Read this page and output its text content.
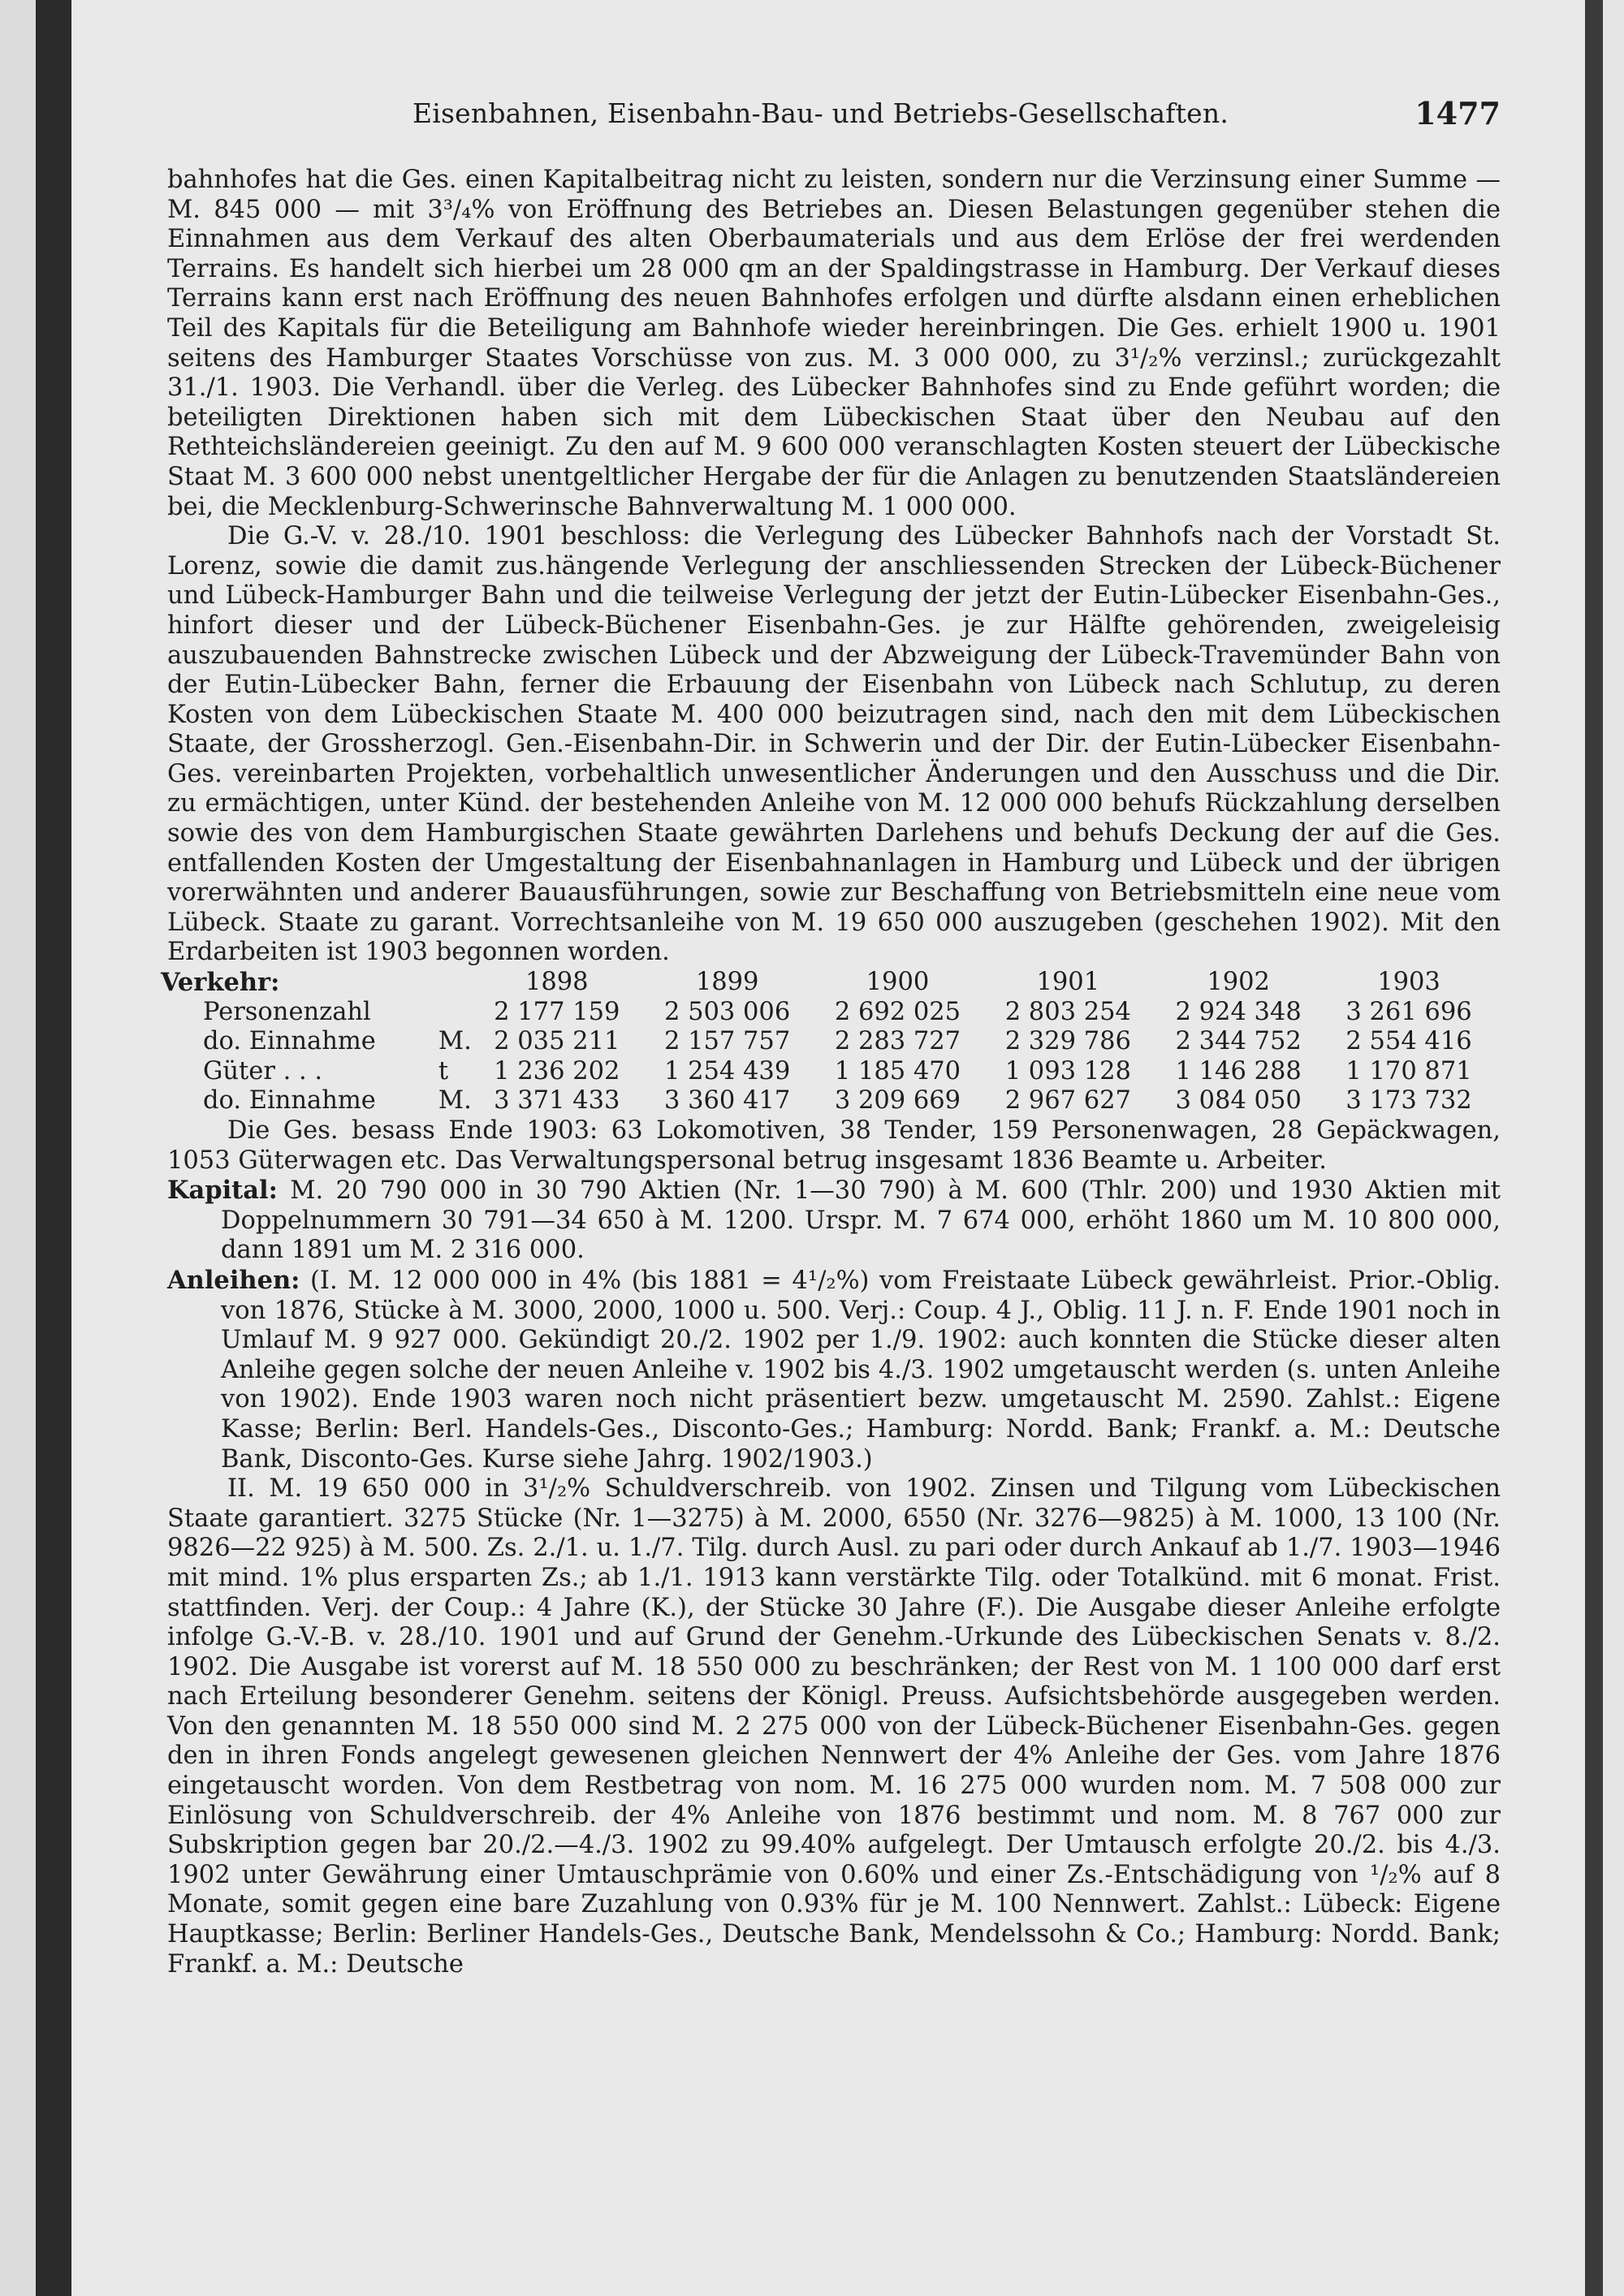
Eisenbahnen, Eisenbahn-Bau- und Betriebs-Gesellschaften.	1477

bahnhofes hat die Ges. einen Kapitalbeitrag nicht zu leisten, sondern nur die Verzinsung einer Summe — M. 845 000 — mit 3³/₄% von Eröffnung des Betriebes an. Diesen Belastungen gegenüber stehen die Einnahmen aus dem Verkauf des alten Oberbaumaterials und aus dem Erlöse der frei werdenden Terrains. Es handelt sich hierbei um 28 000 qm an der Spaldingstrasse in Hamburg. Der Verkauf dieses Terrains kann erst nach Eröffnung des neuen Bahnhofes erfolgen und dürfte alsdann einen erheblichen Teil des Kapitals für die Beteiligung am Bahnhofe wieder hereinbringen. Die Ges. erhielt 1900 u. 1901 seitens des Hamburger Staates Vorschüsse von zus. M. 3 000 000, zu 3¹/₂% verzinsl.; zurückgezahlt 31./1. 1903. Die Verhandl. über die Verleg. des Lübecker Bahnhofes sind zu Ende geführt worden; die beteiligten Direktionen haben sich mit dem Lübeckischen Staat über den Neubau auf den Rethteichsländereien geeinigt. Zu den auf M. 9 600 000 veranschlagten Kosten steuert der Lübeckische Staat M. 3 600 000 nebst unentgeltlicher Hergabe der für die Anlagen zu benutzenden Staatsländereien bei, die Mecklenburg-Schwerinsche Bahnverwaltung M. 1 000 000.

Die G.-V. v. 28./10. 1901 beschloss: die Verlegung des Lübecker Bahnhofs nach der Vorstadt St. Lorenz, sowie die damit zus.hängende Verlegung der anschliessenden Strecken der Lübeck-Büchener und Lübeck-Hamburger Bahn und die teilweise Verlegung der jetzt der Eutin-Lübecker Eisenbahn-Ges., hinfort dieser und der Lübeck-Büchener Eisenbahn-Ges. je zur Hälfte gehörenden, zweigeleisig auszubauenden Bahnstrecke zwischen Lübeck und der Abzweigung der Lübeck-Travemünder Bahn von der Eutin-Lübecker Bahn, ferner die Erbauung der Eisenbahn von Lübeck nach Schlutup, zu deren Kosten von dem Lübeckischen Staate M. 400 000 beizutragen sind, nach den mit dem Lübeckischen Staate, der Grossherzogl. Gen.-Eisenbahn-Dir. in Schwerin und der Dir. der Eutin-Lübecker Eisenbahn-Ges. vereinbarten Projekten, vorbehaltlich unwesentlicher Änderungen und den Ausschuss und die Dir. zu ermächtigen, unter Künd. der bestehenden Anleihe von M. 12 000 000 behufs Rückzahlung derselben sowie des von dem Hamburgischen Staate gewährten Darlehens und behufs Deckung der auf die Ges. entfallenden Kosten der Umgestaltung der Eisenbahnanlagen in Hamburg und Lübeck und der übrigen vorerwähnten und anderer Bauausführungen, sowie zur Beschaffung von Betriebsmitteln eine neue vom Lübeck. Staate zu garant. Vorrechtsanleihe von M. 19 650 000 auszugeben (geschehen 1902). Mit den Erdarbeiten ist 1903 begonnen worden.

Verkehr:		1898	1899	1900	1901	1902	1903
Personenzahl		2 177 159	2 503 006	2 692 025	2 803 254	2 924 348	3 261 696
do. Einnahme	M.	2 035 211	2 157 757	2 283 727	2 329 786	2 344 752	2 554 416
Güter . . .	t	1 236 202	1 254 439	1 185 470	1 093 128	1 146 288	1 170 871
do. Einnahme	M.	3 371 433	3 360 417	3 209 669	2 967 627	3 084 050	3 173 732

Die Ges. besass Ende 1903: 63 Lokomotiven, 38 Tender, 159 Personenwagen, 28 Gepäckwagen, 1053 Güterwagen etc. Das Verwaltungspersonal betrug insgesamt 1836 Beamte u. Arbeiter.

Kapital: M. 20 790 000 in 30 790 Aktien (Nr. 1—30 790) à M. 600 (Thlr. 200) und 1930 Aktien mit Doppelnummern 30 791—34 650 à M. 1200. Urspr. M. 7 674 000, erhöht 1860 um M. 10 800 000, dann 1891 um M. 2 316 000.

Anleihen: (I. M. 12 000 000 in 4% (bis 1881 = 4¹/₂%) vom Freistaate Lübeck gewährleist. Prior.-Oblig. von 1876, Stücke à M. 3000, 2000, 1000 u. 500. Verj.: Coup. 4 J., Oblig. 11 J. n. F. Ende 1901 noch in Umlauf M. 9 927 000. Gekündigt 20./2. 1902 per 1./9. 1902: auch konnten die Stücke dieser alten Anleihe gegen solche der neuen Anleihe v. 1902 bis 4./3. 1902 umgetauscht werden (s. unten Anleihe von 1902). Ende 1903 waren noch nicht präsentiert bezw. umgetauscht M. 2590. Zahlst.: Eigene Kasse; Berlin: Berl. Handels-Ges., Disconto-Ges.; Hamburg: Nordd. Bank; Frankf. a. M.: Deutsche Bank, Disconto-Ges. Kurse siehe Jahrg. 1902/1903.)

II. M. 19 650 000 in 3¹/₂% Schuldverschreib. von 1902. Zinsen und Tilgung vom Lübeckischen Staate garantiert. 3275 Stücke (Nr. 1—3275) à M. 2000, 6550 (Nr. 3276—9825) à M. 1000, 13 100 (Nr. 9826—22 925) à M. 500. Zs. 2./1. u. 1./7. Tilg. durch Ausl. zu pari oder durch Ankauf ab 1./7. 1903—1946 mit mind. 1% plus ersparten Zs.; ab 1./1. 1913 kann verstärkte Tilg. oder Totalkünd. mit 6 monat. Frist. stattfinden. Verj. der Coup.: 4 Jahre (K.), der Stücke 30 Jahre (F.). Die Ausgabe dieser Anleihe erfolgte infolge G.-V.-B. v. 28./10. 1901 und auf Grund der Genehm.-Urkunde des Lübeckischen Senats v. 8./2. 1902. Die Ausgabe ist vorerst auf M. 18 550 000 zu beschränken; der Rest von M. 1 100 000 darf erst nach Erteilung besonderer Genehm. seitens der Königl. Preuss. Aufsichtsbehörde ausgegeben werden. Von den genannten M. 18 550 000 sind M. 2 275 000 von der Lübeck-Büchener Eisenbahn-Ges. gegen den in ihren Fonds angelegt gewesenen gleichen Nennwert der 4% Anleihe der Ges. vom Jahre 1876 eingetauscht worden. Von dem Restbetrag von nom. M. 16 275 000 wurden nom. M. 7 508 000 zur Einlösung von Schuldverschreib. der 4% Anleihe von 1876 bestimmt und nom. M. 8 767 000 zur Subskription gegen bar 20./2.—4./3. 1902 zu 99.40% aufgelegt. Der Umtausch erfolgte 20./2. bis 4./3. 1902 unter Gewährung einer Umtauschprämie von 0.60% und einer Zs.-Entschädigung von ¹/₂% auf 8 Monate, somit gegen eine bare Zuzahlung von 0.93% für je M. 100 Nennwert. Zahlst.: Lübeck: Eigene Hauptkasse; Berlin: Berliner Handels-Ges., Deutsche Bank, Mendelssohn & Co.; Hamburg: Nordd. Bank; Frankf. a. M.: Deutsche
